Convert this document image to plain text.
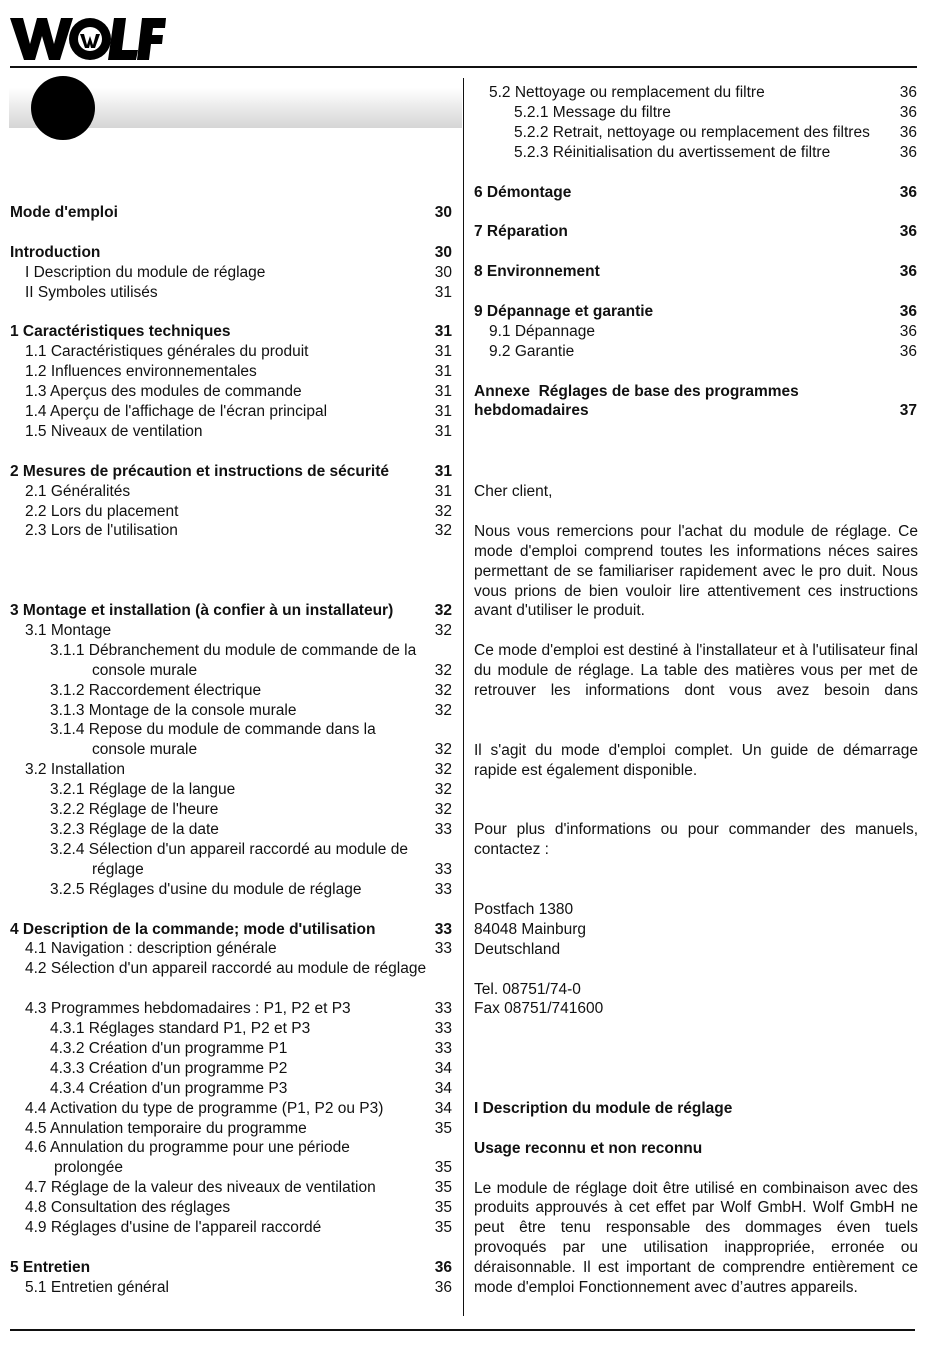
Mode d'emploi	30
Introduction	30
I Description du module de réglage	30
II Symboles utilisés	31
1 Caractéristiques techniques	31
1.1 Caractéristiques générales du produit	31
1.2 Influences environnementales	31
1.3 Aperçus des modules de commande	31
1.4 Aperçu de l'affichage de l'écran principal	31
1.5 Niveaux de ventilation	31
2 Mesures de précaution et instructions de sécurité	31
2.1 Généralités	31
2.2 Lors du placement	32
2.3 Lors de l'utilisation	32
3 Montage et installation (à confier à un installateur)	32
3.1 Montage	32
3.1.1 Débranchement du module de commande de la
console murale	32
3.1.2 Raccordement électrique	32
3.1.3 Montage de la console murale	32
3.1.4 Repose du module de commande dans la
console murale	32
3.2 Installation	32
3.2.1 Réglage de la langue	32
3.2.2 Réglage de l'heure	32
3.2.3 Réglage de la date	33
3.2.4 Sélection d'un appareil raccordé au module de
réglage	33
3.2.5 Réglages d'usine du module de réglage	33
4 Description de la commande; mode d'utilisation	33
4.1 Navigation : description générale	33
4.2 Sélection d'un appareil raccordé au module de réglage
4.3 Programmes hebdomadaires : P1, P2 et P3	33
4.3.1 Réglages standard P1, P2 et P3	33
4.3.2 Création d'un programme P1	33
4.3.3 Création d'un programme P2	34
4.3.4 Création d'un programme P3	34
4.4 Activation du type de programme (P1, P2 ou P3)	34
4.5 Annulation temporaire du programme	35
4.6 Annulation du programme pour une période
prolongée	35
4.7 Réglage de la valeur des niveaux de ventilation	35
4.8 Consultation des réglages	35
4.9 Réglages d'usine de l'appareil raccordé	35
5 Entretien	36
5.1 Entretien général	36
5.2 Nettoyage ou remplacement du filtre	36
5.2.1 Message du filtre	36
5.2.2 Retrait, nettoyage ou remplacement des filtres 36
5.2.3 Réinitialisation du avertissement de filtre	36
6 Démontage	36
7 Réparation	36
8 Environnement	36
9 Dépannage et garantie	36
9.1 Dépannage	36
9.2 Garantie	36
Annexe  Réglages de base des programmes
hebdomadaires	37

Cher client,

Nous vous remercions pour l'achat du module de réglage. Ce mode d'emploi comprend toutes les informations néces saires permettant de se familiariser rapidement avec le pro duit. Nous vous prions de bien vouloir lire attentivement ces instructions avant d'utiliser le produit.

Ce mode d'emploi est destiné à l'installateur et à l'utilisateur final du module de réglage. La table des matières vous per met de retrouver les informations dont vous avez besoin dans

Il s'agit du mode d'emploi complet. Un guide de démarrage rapide est également disponible.

Pour plus d'informations ou pour commander des manuels, contactez :

Postfach 1380

84048 Mainburg

Deutschland

Tel. 08751/74-0

Fax 08751/741600

I Description du module de réglage

Usage reconnu et non reconnu

Le module de réglage doit être utilisé en combinaison avec des produits approuvés à cet effet par Wolf GmbH. Wolf GmbH ne peut être tenu responsable des dommages éven tuels provoqués par une utilisation inappropriée, erronée ou déraisonnable. Il est important de comprendre entièrement ce mode d'emploi Fonctionnement avec d’autres appareils.
